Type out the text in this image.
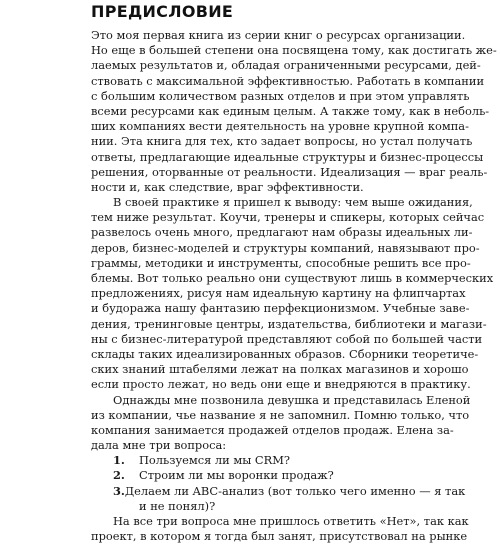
ПРЕДИСЛОВИЕ
Это моя первая книга из серии книг о ресурсах организации.
Но еще в большей степени она посвящена тому, как достигать же-
лаемых результатов и, обладая ограниченными ресурсами, дей-
ствовать с максимальной эффективностью. Работать в компании
с большим количеством разных отделов и при этом управлять
всеми ресурсами как единым целым. А также тому, как в неболь-
ших компаниях вести деятельность на уровне крупной компа-
нии. Эта книга для тех, кто задает вопросы, но устал получать
ответы, предлагающие идеальные структуры и бизнес-процессы
решения, оторванные от реальности. Идеализация — враг реаль-
ности и, как следствие, враг эффективности.
В своей практике я пришел к выводу: чем выше ожидания,
тем ниже результат. Коучи, тренеры и спикеры, которых сейчас
развелось очень много, предлагают нам образы идеальных ли-
деров, бизнес-моделей и структуры компаний, навязывают про-
граммы, методики и инструменты, способные решить все про-
блемы. Вот только реально они существуют лишь в коммерческих
предложениях, рисуя нам идеальную картину на флипчартах
и будоража нашу фантазию перфекционизмом. Учебные заве-
дения, тренинговые центры, издательства, библиотеки и магази-
ны с бизнес-литературой представляют собой по большей части
склады таких идеализированных образов. Сборники теоретиче-
ских знаний штабелями лежат на полках магазинов и хорошо
если просто лежат, но ведь они еще и внедряются в практику.
Однажды мне позвонила девушка и представилась Еленой
из компании, чье название я не запомнил. Помню только, что
компания занимается продажей отделов продаж. Елена за-
дала мне три вопроса:
1.	Пользуемся ли мы CRM?
2.	Строим ли мы воронки продаж?
3. Делаем ли ABC-анализ (вот только чего именно — я так
и не понял)?
На все три вопроса мне пришлось ответить «Нет», так как
проект, в котором я тогда был занят, присутствовал на рынке
